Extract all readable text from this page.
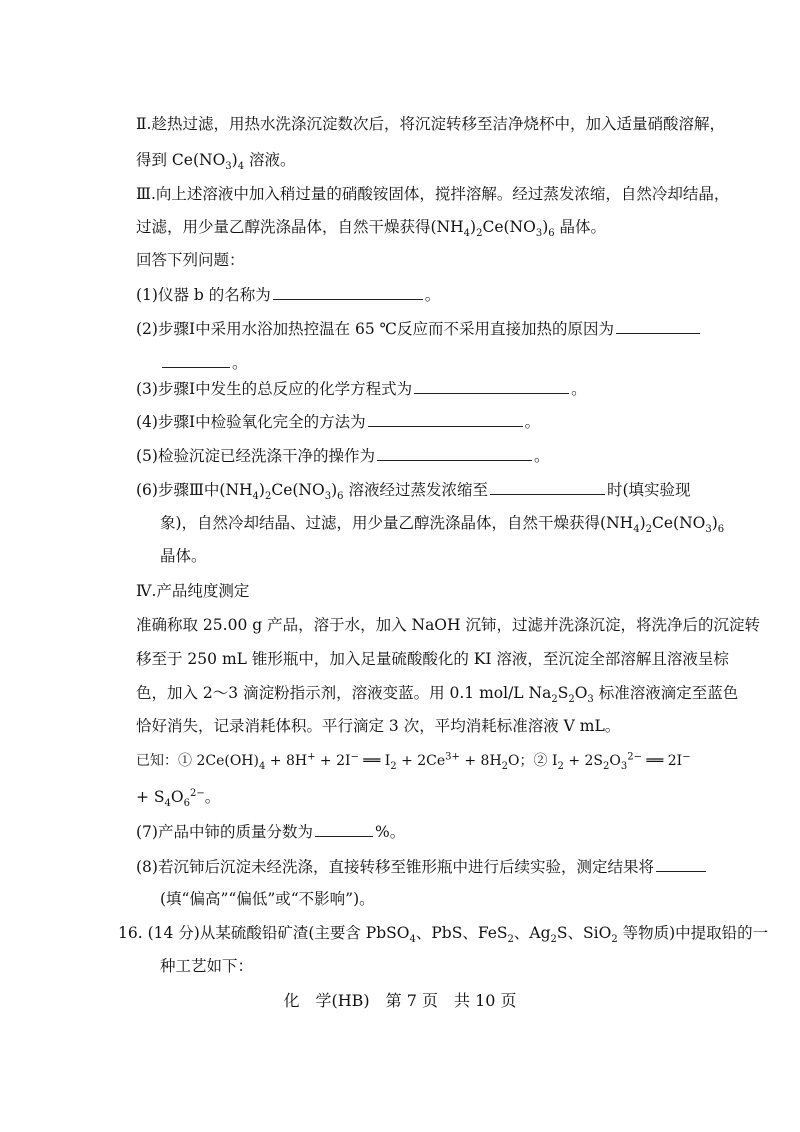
Ⅱ.趁热过滤，用热水洗涤沉淀数次后，将沉淀转移至洁净烧杯中，加入适量硝酸溶解，
得到 $Ce(NO_3)_4$ 溶液。
Ⅲ.向上述溶液中加入稍过量的硝酸铵固体，搅拌溶解。经过蒸发浓缩，自然冷却结晶，
过滤，用少量乙醇洗涤晶体，自然干燥获得$(NH_4)_2Ce(NO_3)_6$ 晶体。
回答下列问题：
(1)仪器 b 的名称为	。
(2)步骤Ⅰ中采用水浴加热控温在 65 ℃反应而不采用直接加热的原因为
。
(3)步骤Ⅰ中发生的总反应的化学方程式为	。
(4)步骤Ⅰ中检验氧化完全的方法为	。
(5)检验沉淀已经洗涤干净的操作为	。
(6)步骤Ⅲ中$(NH_4)_2Ce(NO_3)_6$ 溶液经过蒸发浓缩至	时(填实验现
象)，自然冷却结晶、过滤，用少量乙醇洗涤晶体，自然干燥获得$(NH_4)_2Ce(NO_3)_6$
晶体。
Ⅳ.产品纯度测定
准确称取 25.00 g 产品，溶于水，加入 NaOH 沉铈，过滤并洗涤沉淀，将洗净后的沉淀转
移至于 250 mL 锥形瓶中，加入足量硫酸酸化的 KI 溶液，至沉淀全部溶解且溶液呈棕
色，加入 2～3 滴淀粉指示剂，溶液变蓝。用 0.1 mol/L $Na_2S_2O_3$ 标准溶液滴定至蓝色
恰好消失，记录消耗体积。平行滴定 3 次，平均消耗标准溶液 V mL。
已知：① $2Ce(OH)_4 + 8H^+ + 2I^-$ ══ $I_2 + 2Ce^{3+} + 8H_2O$；② $I_2 + 2S_2O_3^{2-}$ ══ 2I−
+ $S_4O_6^{2-}$。
(7)产品中铈的质量分数为	%。
(8)若沉铈后沉淀未经洗涤，直接转移至锥形瓶中进行后续实验，测定结果将
(填“偏高”“偏低”或“不影响”)。
16. (14 分)从某硫酸铅矿渣(主要含 PbSO$_4$、PbS、FeS$_2$、$Ag_2S$、SiO$_2$ 等物质)中提取铅的一
种工艺如下：
化　学(HB)　第 7 页　共 10 页
